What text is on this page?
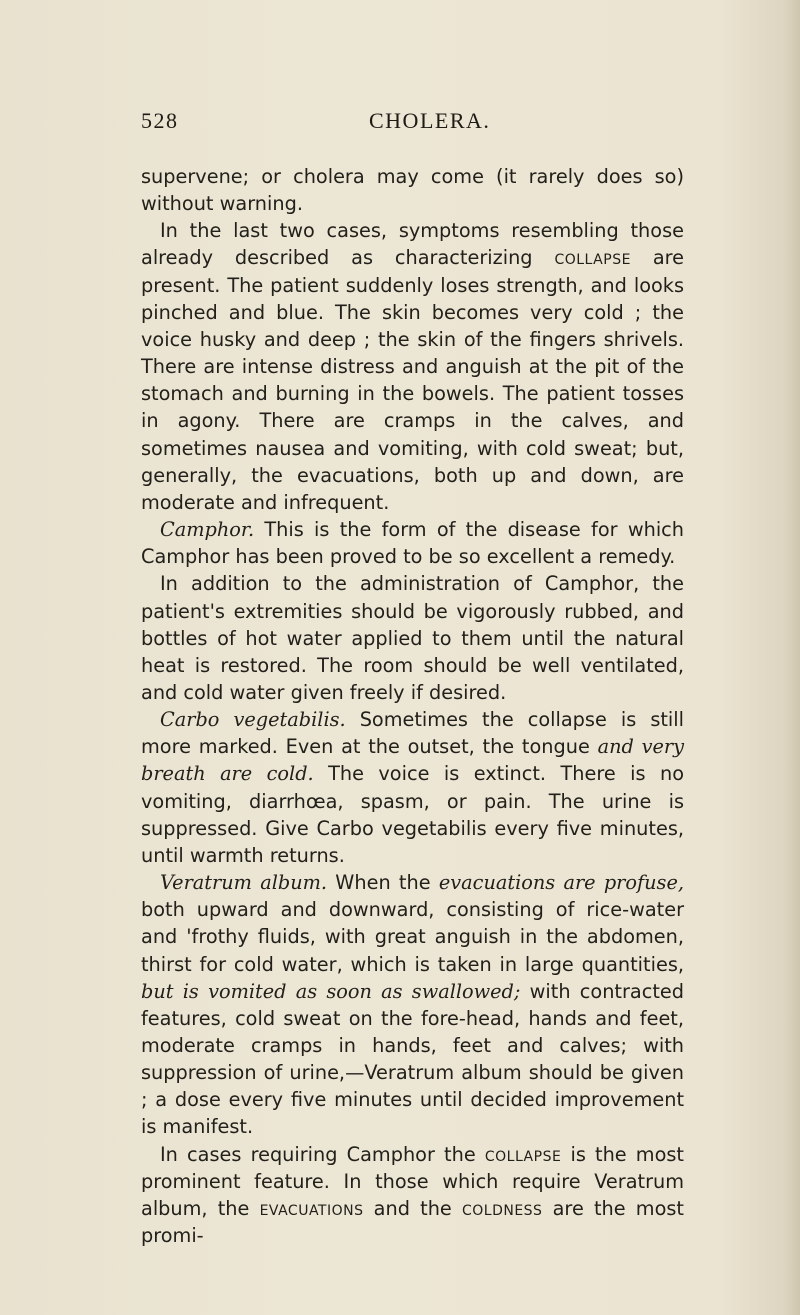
528	CHOLERA.

supervene; or cholera may come (it rarely does so) without warning.

In the last two cases, symptoms resembling those already described as characterizing collapse are present. The patient suddenly loses strength, and looks pinched and blue. The skin becomes very cold ; the voice husky and deep ; the skin of the fingers shrivels. There are intense distress and anguish at the pit of the stomach and burning in the bowels. The patient tosses in agony. There are cramps in the calves, and sometimes nausea and vomiting, with cold sweat; but, generally, the evacuations, both up and down, are moderate and infrequent.

Camphor. This is the form of the disease for which Camphor has been proved to be so excellent a remedy.

In addition to the administration of Camphor, the patient's extremities should be vigorously rubbed, and bottles of hot water applied to them until the natural heat is restored. The room should be well ventilated, and cold water given freely if desired.

Carbo vegetabilis. Sometimes the collapse is still more marked. Even at the outset, the tongue and very breath are cold. The voice is extinct. There is no vomiting, diarrhœa, spasm, or pain. The urine is suppressed. Give Carbo vegetabilis every five minutes, until warmth returns.

Veratrum album. When the evacuations are profuse, both upward and downward, consisting of rice-water and 'frothy fluids, with great anguish in the abdomen, thirst for cold water, which is taken in large quantities, but is vomited as soon as swallowed; with contracted features, cold sweat on the fore-head, hands and feet, moderate cramps in hands, feet and calves; with suppression of urine,—Veratrum album should be given ; a dose every five minutes until decided improvement is manifest.

In cases requiring Camphor the collapse is the most prominent feature. In those which require Veratrum album, the evacuations and the coldness are the most promi-
